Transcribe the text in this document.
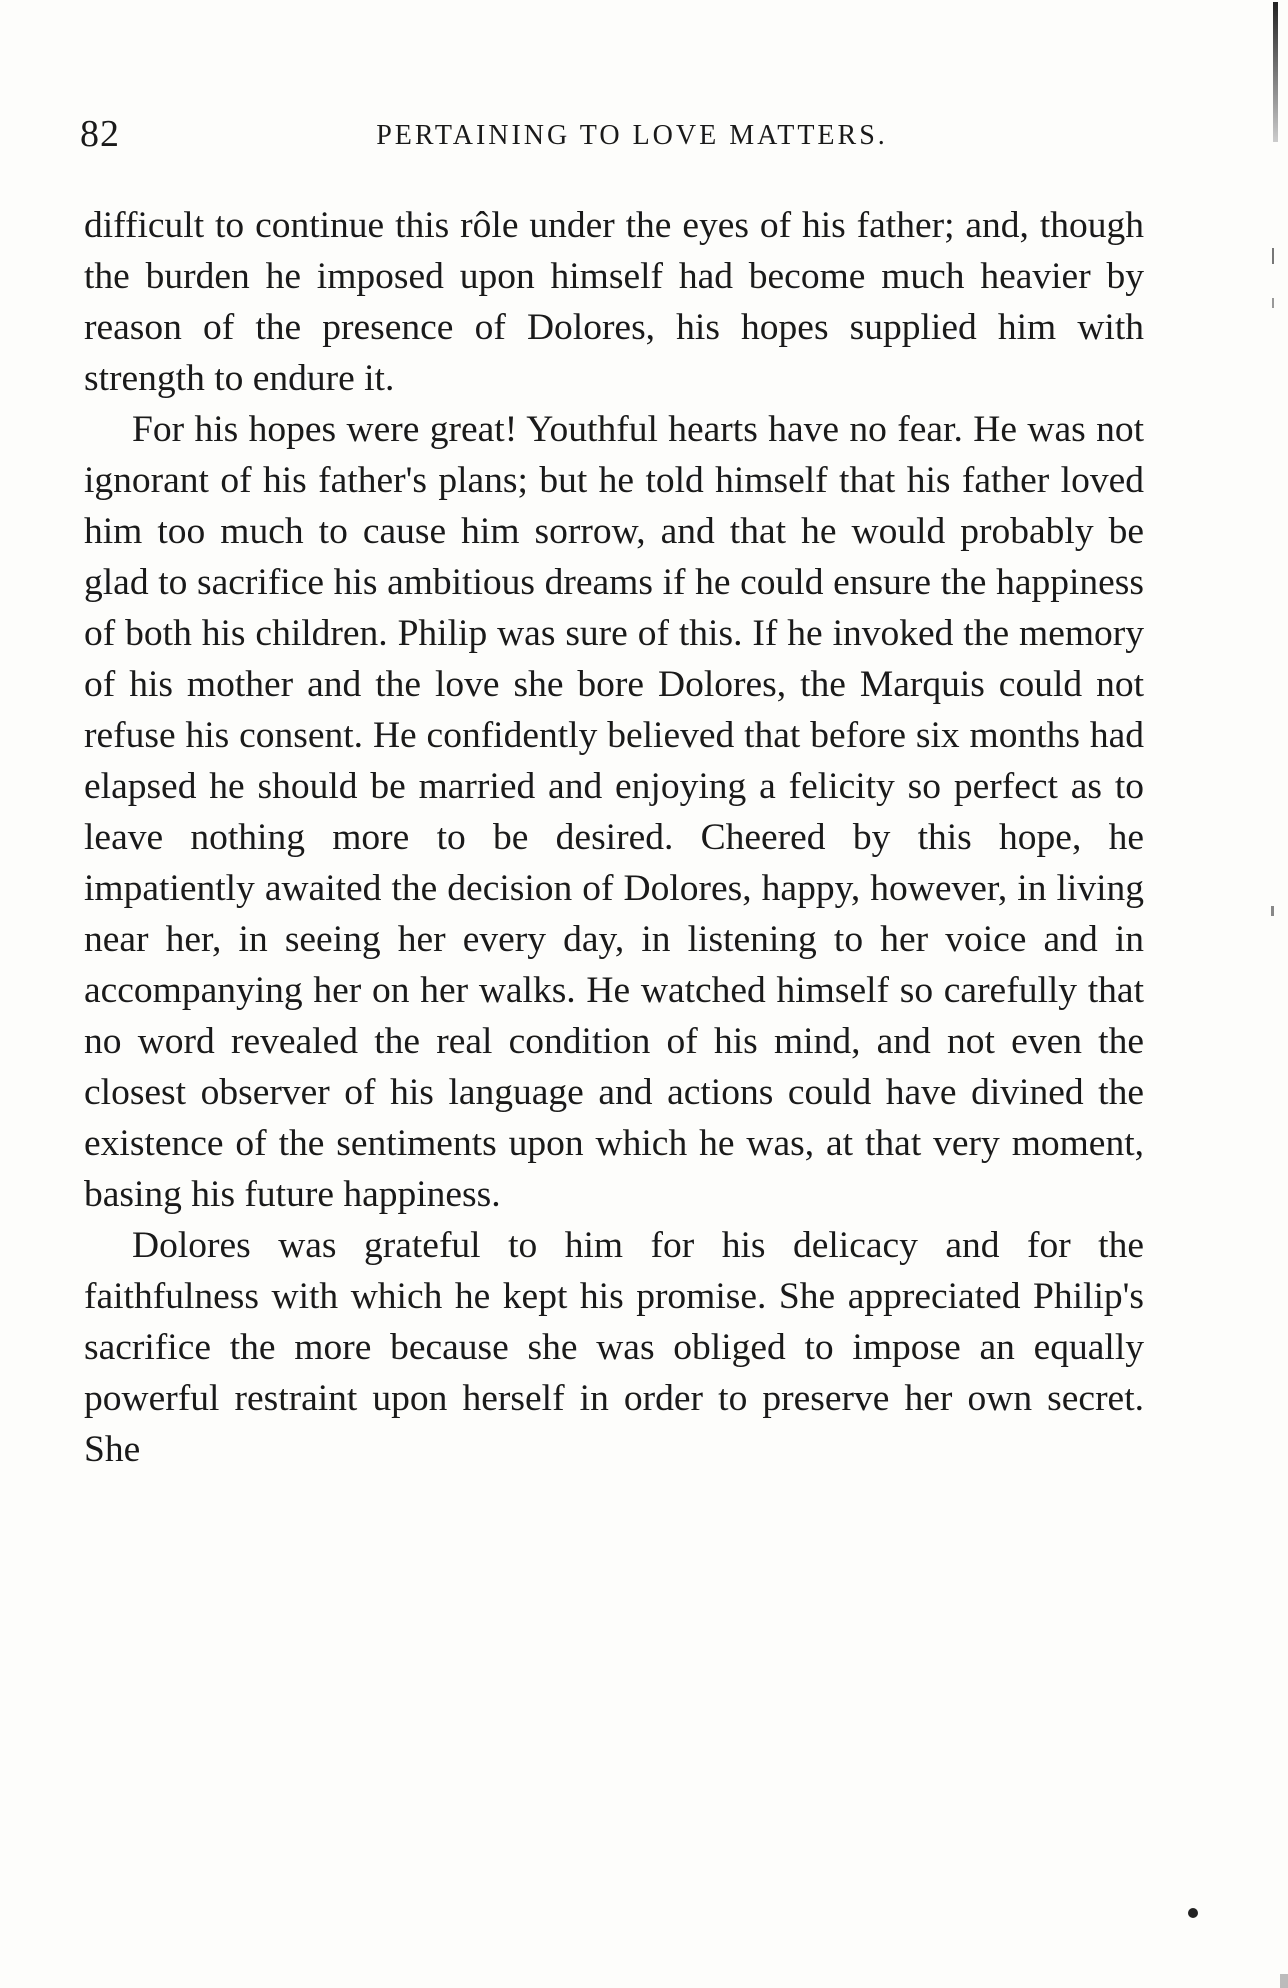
82	PERTAINING TO LOVE MATTERS.

difficult to continue this rôle under the eyes of his father; and, though the burden he imposed upon himself had become much heavier by reason of the presence of Dolores, his hopes supplied him with strength to endure it.

For his hopes were great! Youthful hearts have no fear. He was not ignorant of his father's plans; but he told himself that his father loved him too much to cause him sorrow, and that he would probably be glad to sacrifice his ambitious dreams if he could ensure the happiness of both his children. Philip was sure of this. If he invoked the memory of his mother and the love she bore Dolores, the Marquis could not refuse his consent. He confidently believed that before six months had elapsed he should be married and enjoying a felicity so perfect as to leave nothing more to be desired. Cheered by this hope, he impatiently awaited the decision of Dolores, happy, however, in living near her, in seeing her every day, in listening to her voice and in accompanying her on her walks. He watched himself so carefully that no word revealed the real condition of his mind, and not even the closest observer of his language and actions could have divined the existence of the sentiments upon which he was, at that very moment, basing his future happiness.

Dolores was grateful to him for his delicacy and for the faithfulness with which he kept his promise. She appreciated Philip's sacrifice the more because she was obliged to impose an equally powerful restraint upon herself in order to preserve her own secret. She
